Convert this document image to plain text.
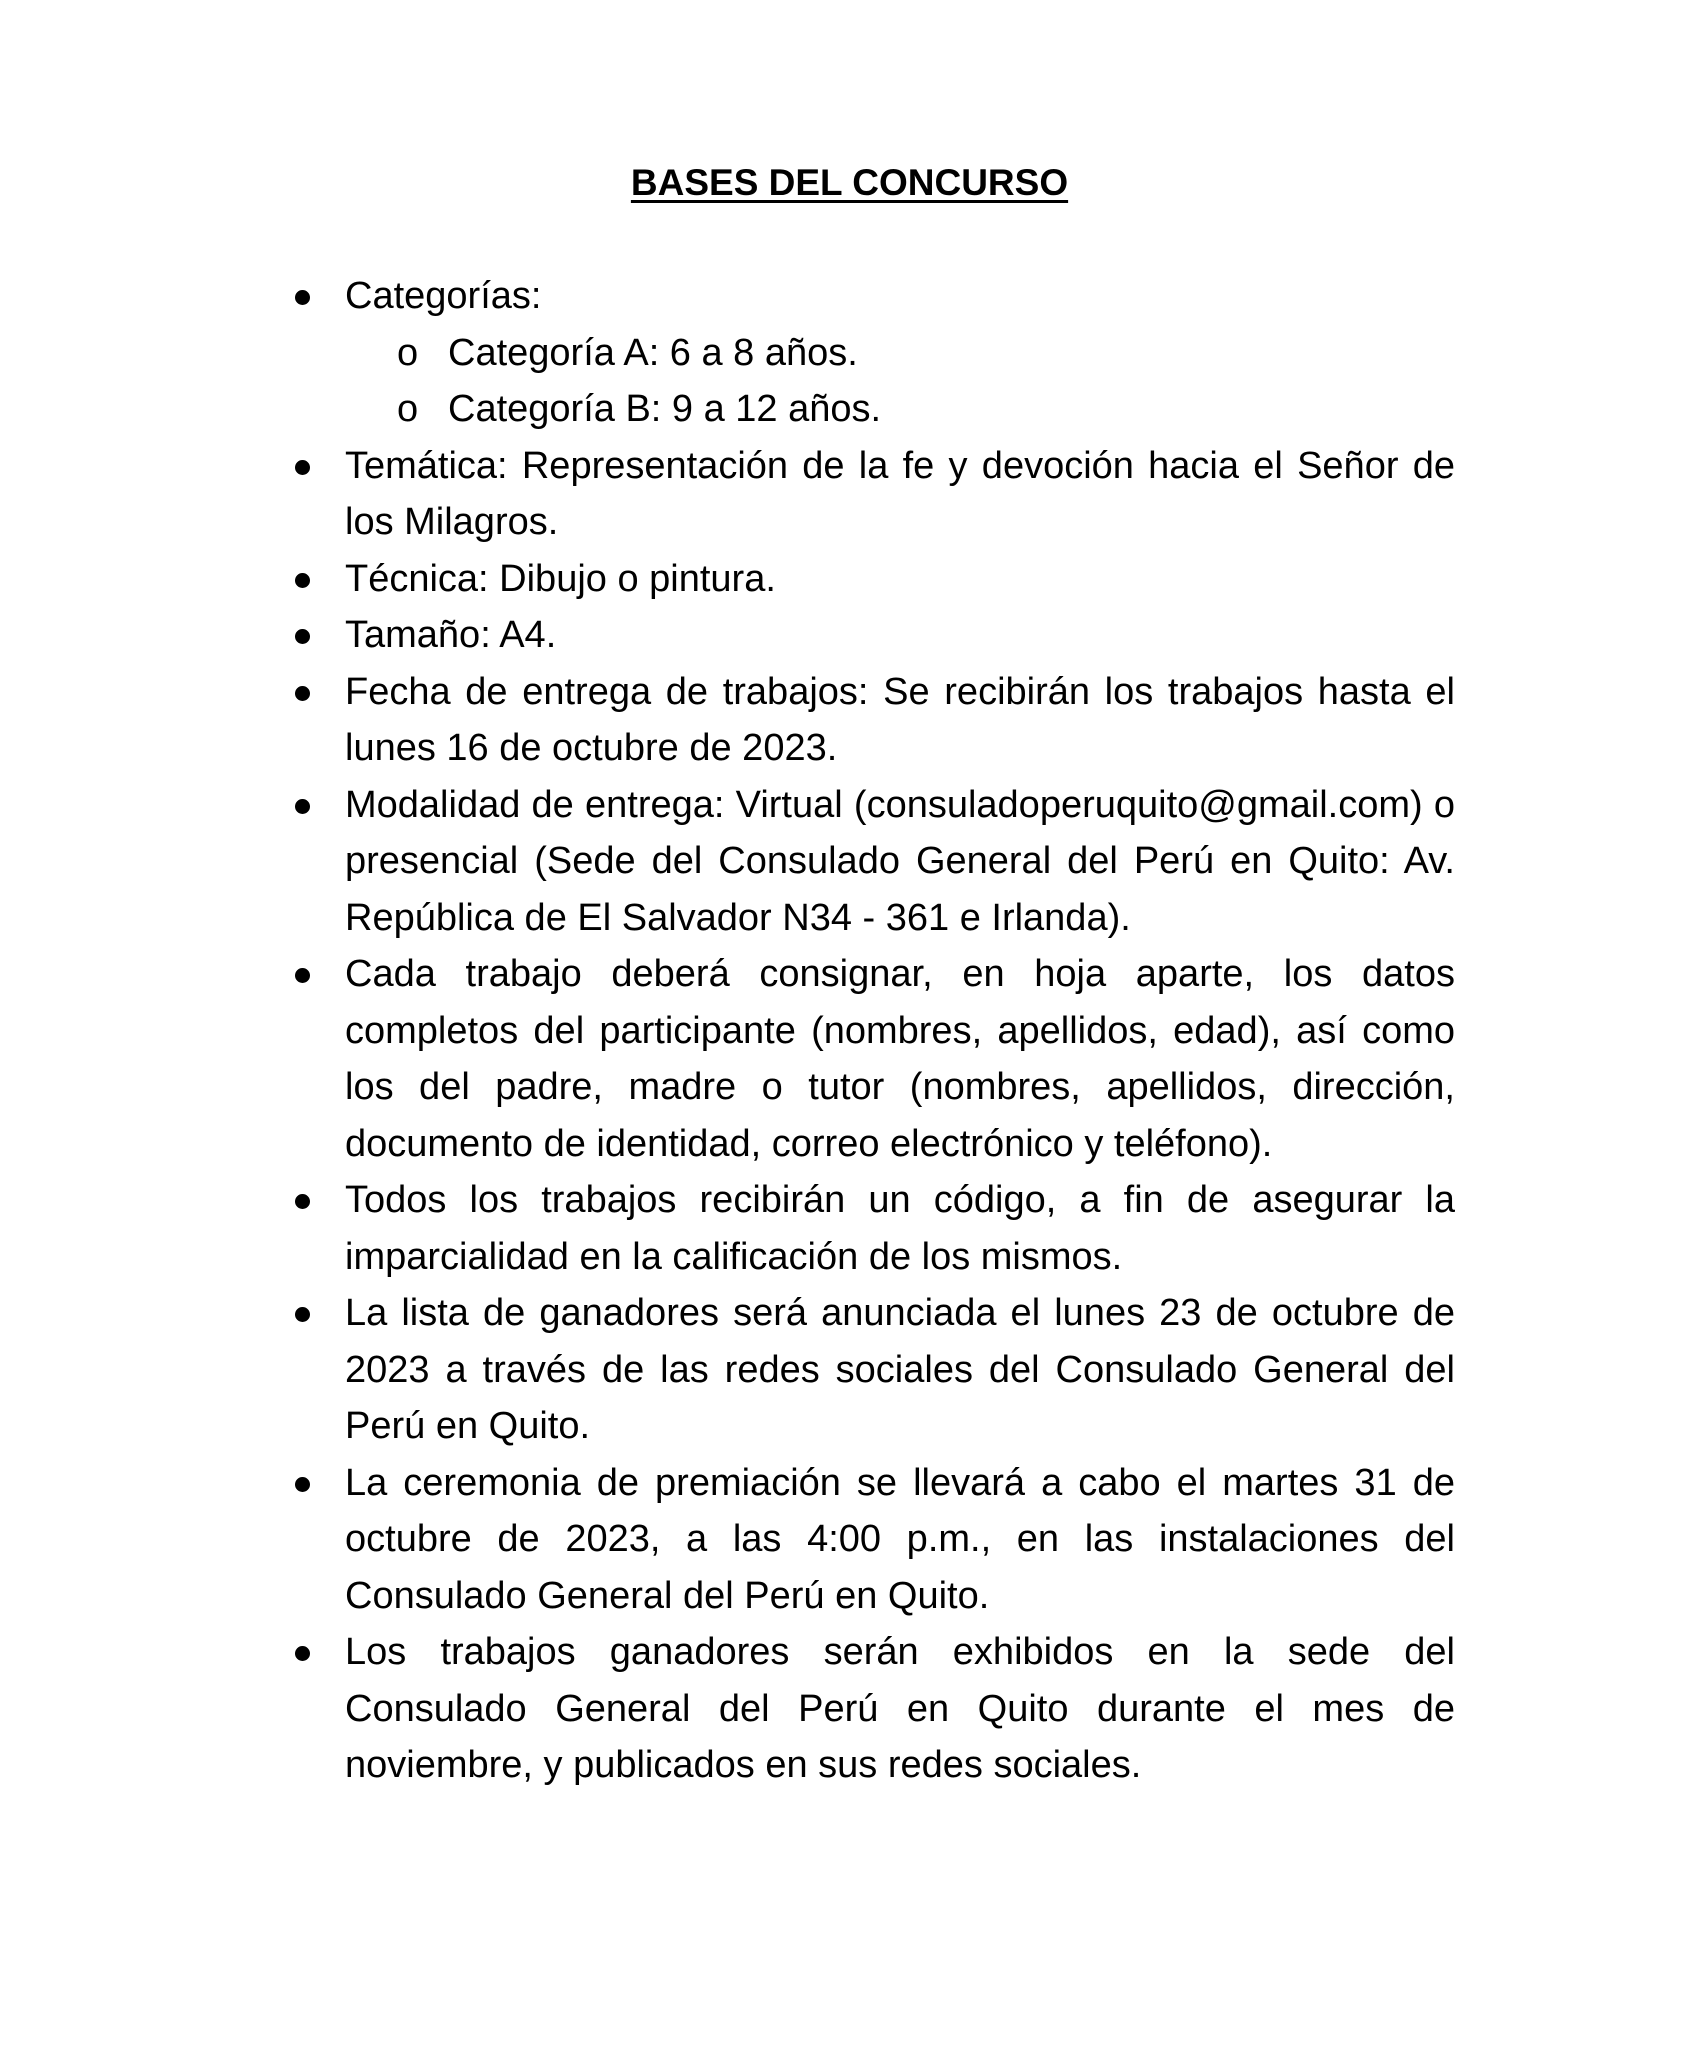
BASES DEL CONCURSO
Categorías:
o Categoría A: 6 a 8 años.
o Categoría B: 9 a 12 años.
Temática: Representación de la fe y devoción hacia el Señor de los Milagros.
Técnica: Dibujo o pintura.
Tamaño: A4.
Fecha de entrega de trabajos: Se recibirán los trabajos hasta el lunes 16 de octubre de 2023.
Modalidad de entrega: Virtual (consuladoperuquito@gmail.com) o presencial (Sede del Consulado General del Perú en Quito: Av. República de El Salvador N34 - 361 e Irlanda).
Cada trabajo deberá consignar, en hoja aparte, los datos completos del participante (nombres, apellidos, edad), así como los del padre, madre o tutor (nombres, apellidos, dirección, documento de identidad, correo electrónico y teléfono).
Todos los trabajos recibirán un código, a fin de asegurar la imparcialidad en la calificación de los mismos.
La lista de ganadores será anunciada el lunes 23 de octubre de 2023 a través de las redes sociales del Consulado General del Perú en Quito.
La ceremonia de premiación se llevará a cabo el martes 31 de octubre de 2023, a las 4:00 p.m., en las instalaciones del Consulado General del Perú en Quito.
Los trabajos ganadores serán exhibidos en la sede del Consulado General del Perú en Quito durante el mes de noviembre, y publicados en sus redes sociales.
